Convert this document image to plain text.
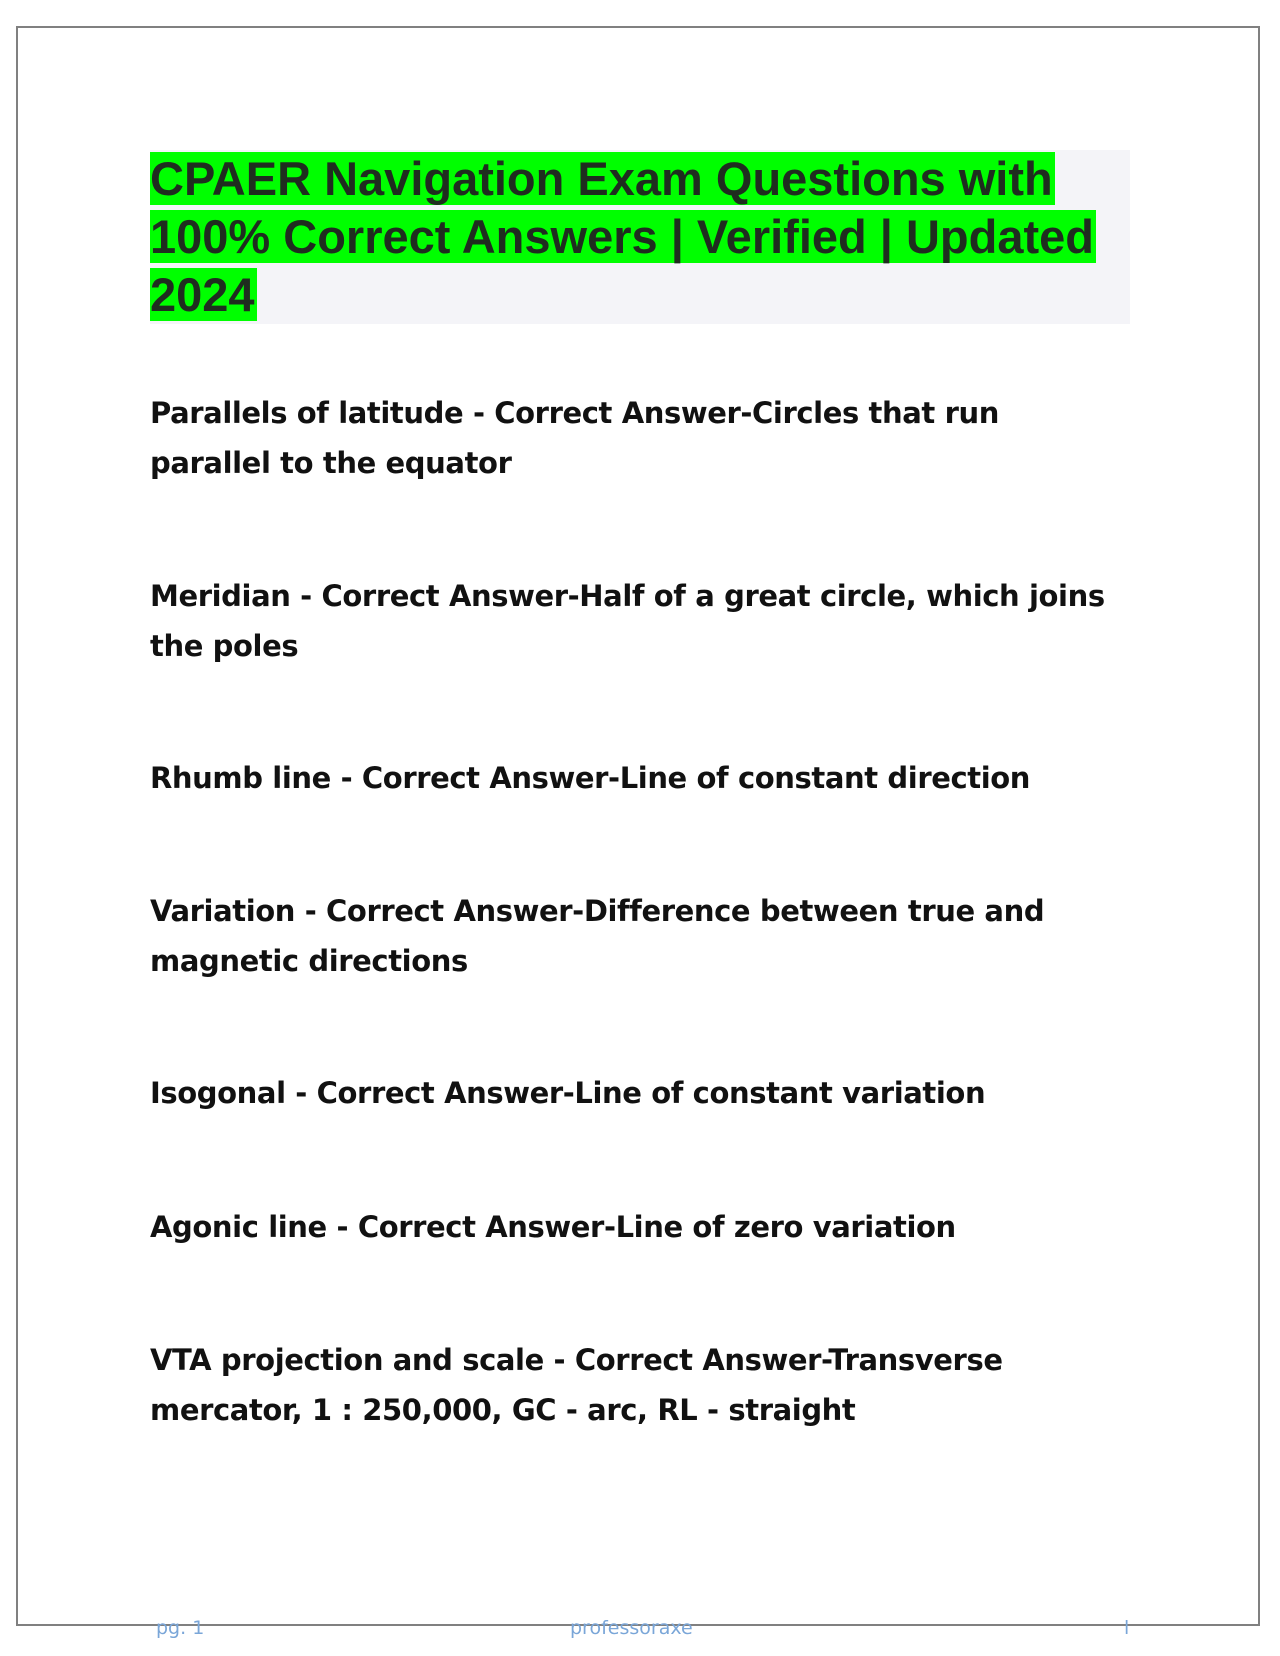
CPAER Navigation Exam Questions with 100% Correct Answers | Verified | Updated 2024
Parallels of latitude - Correct Answer-Circles that run parallel to the equator
Meridian - Correct Answer-Half of a great circle, which joins the poles
Rhumb line - Correct Answer-Line of constant direction
Variation - Correct Answer-Difference between true and magnetic directions
Isogonal - Correct Answer-Line of constant variation
Agonic line - Correct Answer-Line of zero variation
VTA projection and scale - Correct Answer-Transverse mercator, 1 : 250,000, GC - arc, RL - straight
pg. 1	professoraxe	l
